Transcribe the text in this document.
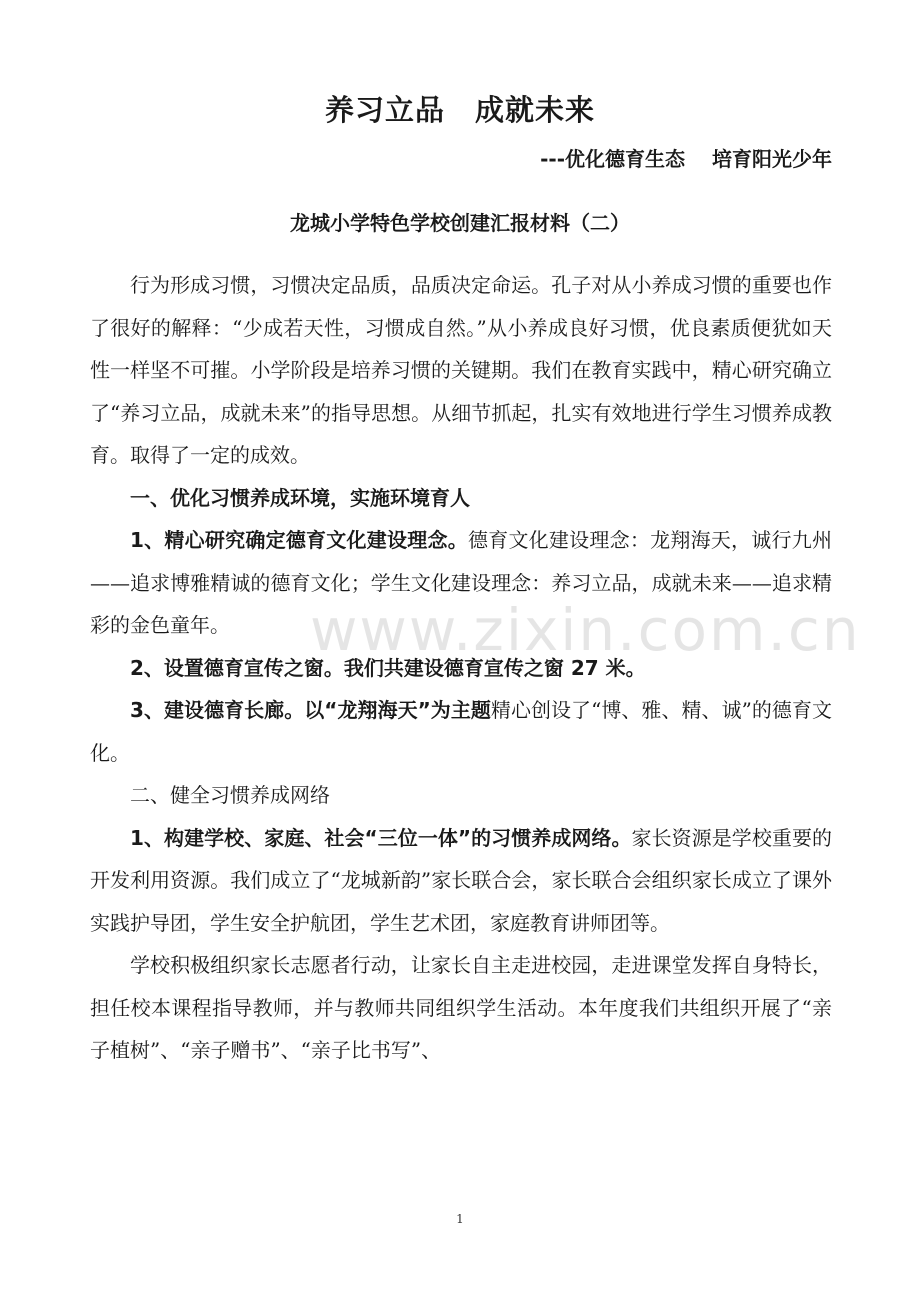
养习立品　成就未来
---优化德育生态　 培育阳光少年
龙城小学特色学校创建汇报材料（二）

行为形成习惯，习惯决定品质，品质决定命运。孔子对从小养成习惯的重要也作了很好的解释：“少成若天性，习惯成自然。”从小养成良好习惯，优良素质便犹如天性一样坚不可摧。小学阶段是培养习惯的关键期。我们在教育实践中，精心研究确立了“养习立品，成就未来”的指导思想。从细节抓起，扎实有效地进行学生习惯养成教育。取得了一定的成效。

一、优化习惯养成环境，实施环境育人

1、精心研究确定德育文化建设理念。德育文化建设理念：龙翔海天，诚行九州——追求博雅精诚的德育文化；学生文化建设理念：养习立品，成就未来——追求精彩的金色童年。

2、设置德育宣传之窗。我们共建设德育宣传之窗 27 米。

3、建设德育长廊。以“龙翔海天”为主题精心创设了“博、雅、精、诚”的德育文化。

二、健全习惯养成网络

1、构建学校、家庭、社会“三位一体”的习惯养成网络。家长资源是学校重要的开发利用资源。我们成立了“龙城新韵”家长联合会，家长联合会组织家长成立了课外实践护导团，学生安全护航团，学生艺术团，家庭教育讲师团等。

学校积极组织家长志愿者行动，让家长自主走进校园，走进课堂发挥自身特长，担任校本课程指导教师，并与教师共同组织学生活动。本年度我们共组织开展了“亲子植树”、“亲子赠书”、“亲子比书写”、

www.zixin.com.cn
1
